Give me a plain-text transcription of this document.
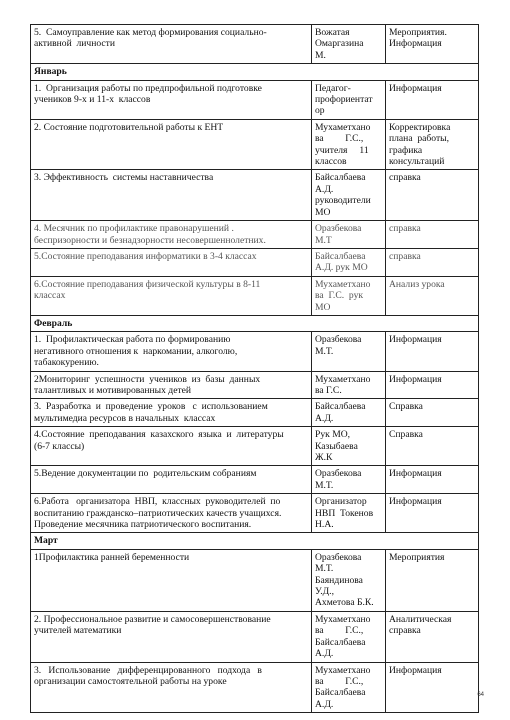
5.  Самоуправление как метод формирования социально-
активной  личности	Вожатая
Омаргазина
М.	Мероприятия.
Информация
Январь		
1.  Организация работы по предпрофильной подготовке
учеников 9-х и 11-х  классов	Педагог-
профориентат
ор	Информация
2. Состояние подготовительной работы к ЕНТ	Мухаметхано
ва         Г.С.,
учителя     11
классов	Корректировка
плана  работы,
графика
консультаций
3. Эффективность  системы наставничества	Байсалбаева
А.Д.
руководители
МО	справка
4. Месячник по профилактике правонарушений .
беспризорности и безнадзорности несовершеннолетних.	Оразбекова
М.Т	справка
5.Состояние преподавания информатики в 3-4 классах	Байсалбаева
А.Д. рук МО	справка
6.Состояние преподавания физической культуры в 8-11
классах	Мухаметхано
ва  Г.С.  рук
МО	Анализ урока
Февраль		
1.  Профилактическая работа по формированию
негативного отношения к  наркомании, алкоголю,
табакокурению.	Оразбекова
М.Т.	Информация
2Мониторинг  успешности  учеников  из  базы  данных
талантливых и мотивированных детей	Мухаметхано
ва Г.С.	Информация
3.  Разработка  и  проведение  уроков   с  использованием
мультимедиа ресурсов в начальных  классах	Байсалбаева
А.Д.	Справка
4.Состояние  преподавания  казахского  языка  и  литературы
(6-7 классы)	Рук МО,
Казыбаева
Ж.К	Справка
5.Ведение документации по  родительским собраниям	Оразбекова
М.Т.	Информация
6.Работа   организатора  НВП,  классных  руководителей  по
воспитанию гражданско–патриотических качеств учащихся.
Проведение месячника патриотического воспитания.	Организатор
НВП  Токенов
Н.А.	Информация
Март		
1Профилактика ранней беременности	Оразбекова
М.Т.
Баяндинова
У.Д.,
Ахметова Б.К.	Мероприятия
2. Профессиональное развитие и самосовершенствование
учителей математики	Мухаметхано
ва         Г.С.,
Байсалбаева
А.Д.	Аналитическая
справка
3.   Использование   дифференцированного   подхода   в
организации самостоятельной работы на уроке	Мухаметхано
ва         Г.С.,
Байсалбаева
А.Д.	Информация
64
